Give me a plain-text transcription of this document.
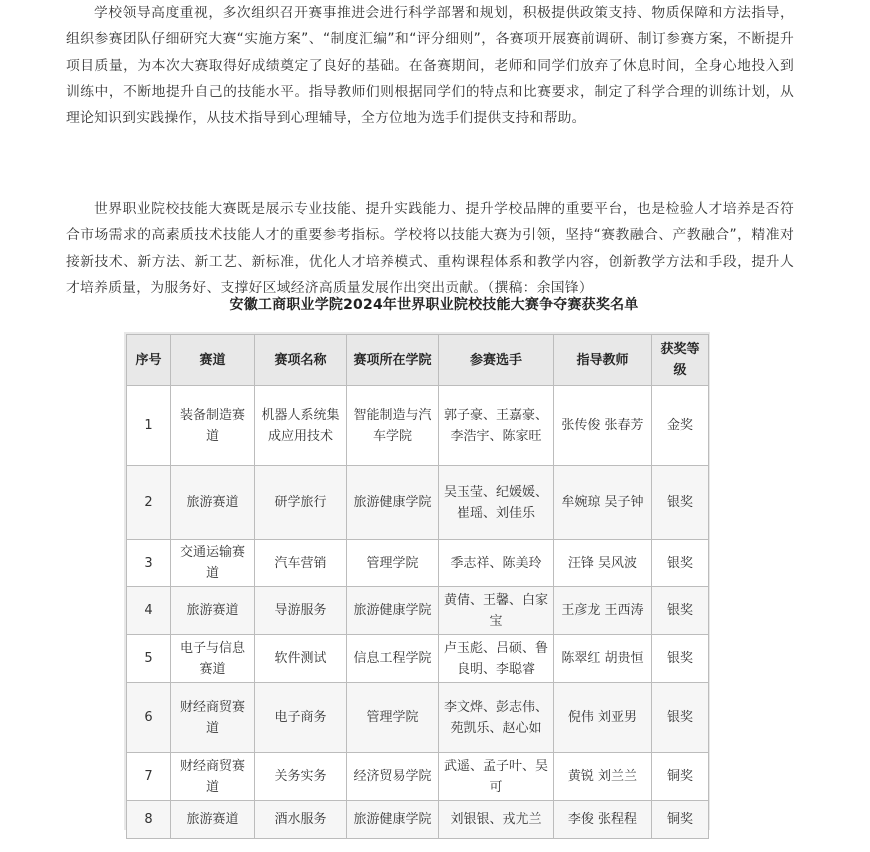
学校领导高度重视，多次组织召开赛事推进会进行科学部署和规划，积极提供政策支持、物质保障和方法指导，组织参赛团队仔细研究大赛“实施方案”、“制度汇编”和“评分细则”，各赛项开展赛前调研、制订参赛方案，不断提升项目质量，为本次大赛取得好成绩奠定了良好的基础。在备赛期间，老师和同学们放弃了休息时间，全身心地投入到训练中，不断地提升自己的技能水平。指导教师们则根据同学们的特点和比赛要求，制定了科学合理的训练计划，从理论知识到实践操作，从技术指导到心理辅导，全方位地为选手们提供支持和帮助。

世界职业院校技能大赛既是展示专业技能、提升实践能力、提升学校品牌的重要平台，也是检验人才培养是否符合市场需求的高素质技术技能人才的重要参考指标。学校将以技能大赛为引领，坚持“赛教融合、产教融合”，精准对接新技术、新方法、新工艺、新标准，优化人才培养模式、重构课程体系和教学内容，创新教学方法和手段，提升人才培养质量，为服务好、支撑好区域经济高质量发展作出突出贡献。（撰稿：余国锋）

安徽工商职业学院2024年世界职业院校技能大赛争夺赛获奖名单
序号	赛道	赛项名称	赛项所在学院	参赛选手	指导教师	获奖等级
1	装备制造赛道	机器人系统集成应用技术	智能制造与汽车学院	郭子豪、王嘉豪、李浩宇、陈家旺	张传俊 张春芳	金奖
2	旅游赛道	研学旅行	旅游健康学院	吴玉莹、纪媛媛、崔瑶、刘佳乐	牟婉琼 吴子钟	银奖
3	交通运输赛道	汽车营销	管理学院	季志祥、陈美玲	汪锋 吴风波	银奖
4	旅游赛道	导游服务	旅游健康学院	黄倩、王馨、白家宝	王彦龙 王西涛	银奖
5	电子与信息赛道	软件测试	信息工程学院	卢玉彪、吕硕、鲁良明、李聪睿	陈翠红 胡贵恒	银奖
6	财经商贸赛道	电子商务	管理学院	李文烨、彭志伟、苑凯乐、赵心如	倪伟 刘亚男	银奖
7	财经商贸赛道	关务实务	经济贸易学院	武遥、孟子叶、吴可	黄锐 刘兰兰	铜奖
8	旅游赛道	酒水服务	旅游健康学院	刘银银、戎尤兰	李俊 张程程	铜奖
